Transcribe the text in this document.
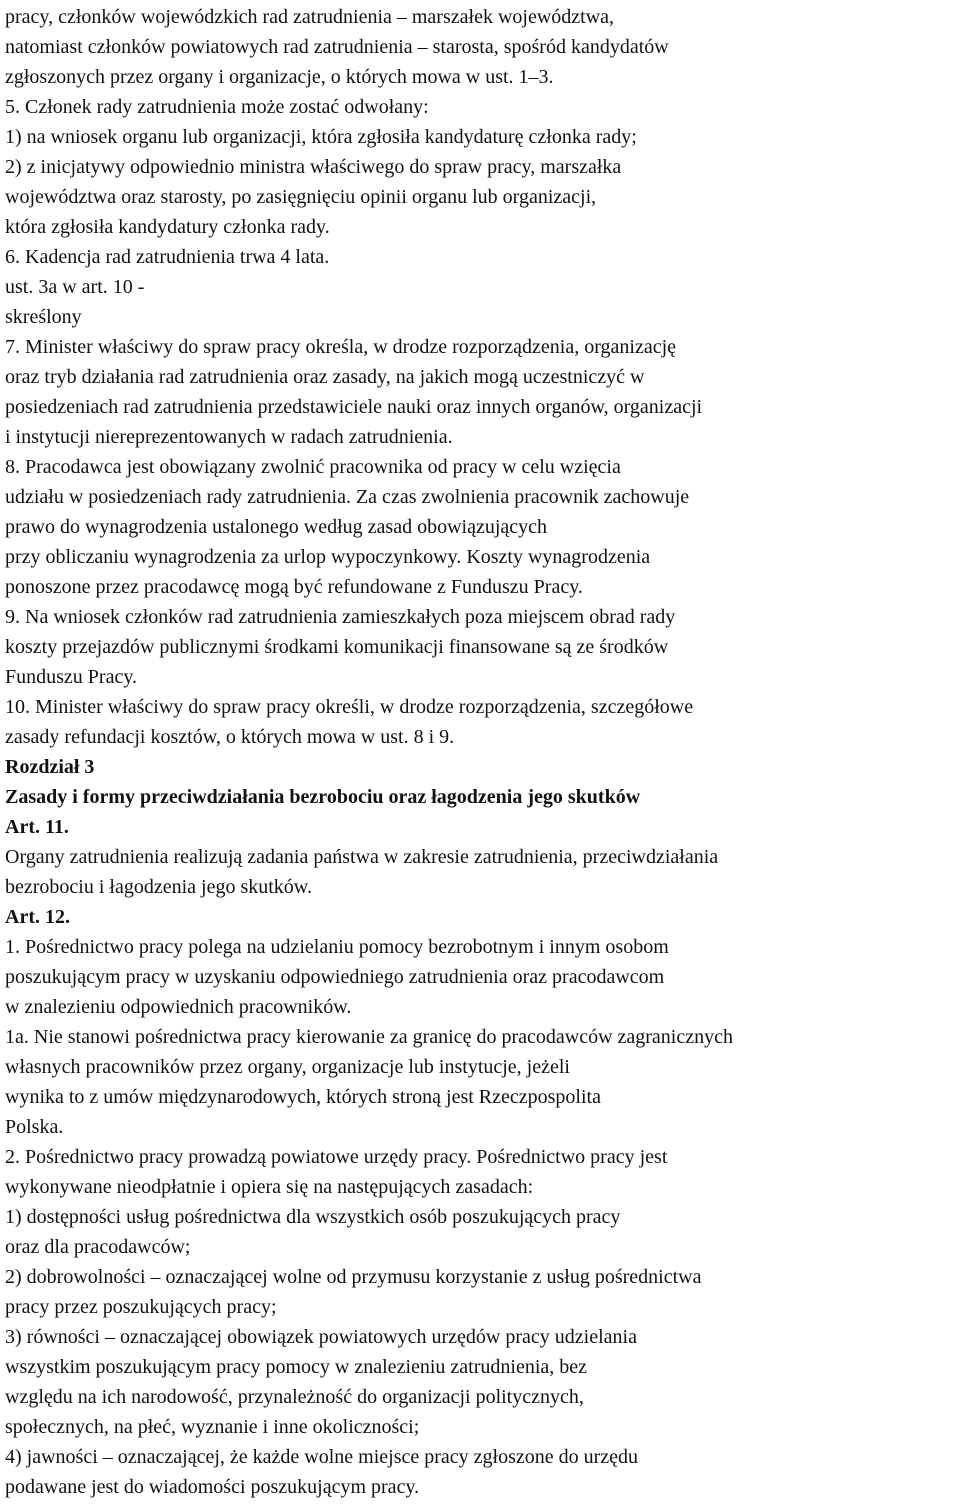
pracy, członków wojewódzkich rad zatrudnienia – marszałek województwa,
natomiast członków powiatowych rad zatrudnienia – starosta, spośród kandydatów
zgłoszonych przez organy i organizacje, o których mowa w ust. 1–3.
5. Członek rady zatrudnienia może zostać odwołany:
1) na wniosek organu lub organizacji, która zgłosiła kandydaturę członka rady;
2) z inicjatywy odpowiednio ministra właściwego do spraw pracy, marszałka
województwa oraz starosty, po zasięgnięciu opinii organu lub organizacji,
która zgłosiła kandydatury członka rady.
6. Kadencja rad zatrudnienia trwa 4 lata.
ust. 3a w art. 10 -
skreślony
7. Minister właściwy do spraw pracy określa, w drodze rozporządzenia, organizację
oraz tryb działania rad zatrudnienia oraz zasady, na jakich mogą uczestniczyć w
posiedzeniach rad zatrudnienia przedstawiciele nauki oraz innych organów, organizacji
i instytucji niereprezentowanych w radach zatrudnienia.
8. Pracodawca jest obowiązany zwolnić pracownika od pracy w celu wzięcia
udziału w posiedzeniach rady zatrudnienia. Za czas zwolnienia pracownik zachowuje
prawo do wynagrodzenia ustalonego według zasad obowiązujących
przy obliczaniu wynagrodzenia za urlop wypoczynkowy. Koszty wynagrodzenia
ponoszone przez pracodawcę mogą być refundowane z Funduszu Pracy.
9. Na wniosek członków rad zatrudnienia zamieszkałych poza miejscem obrad rady
koszty przejazdów publicznymi środkami komunikacji finansowane są ze środków
Funduszu Pracy.
10. Minister właściwy do spraw pracy określi, w drodze rozporządzenia, szczegółowe
zasady refundacji kosztów, o których mowa w ust. 8 i 9.
Rozdział 3
Zasady i formy przeciwdziałania bezrobociu oraz łagodzenia jego skutków
Art. 11.
Organy zatrudnienia realizują zadania państwa w zakresie zatrudnienia, przeciwdziałania
bezrobociu i łagodzenia jego skutków.
Art. 12.
1. Pośrednictwo pracy polega na udzielaniu pomocy bezrobotnym i innym osobom
poszukującym pracy w uzyskaniu odpowiedniego zatrudnienia oraz pracodawcom
w znalezieniu odpowiednich pracowników.
1a. Nie stanowi pośrednictwa pracy kierowanie za granicę do pracodawców zagranicznych
własnych pracowników przez organy, organizacje lub instytucje, jeżeli
wynika to z umów międzynarodowych, których stroną jest Rzeczpospolita
Polska.
2. Pośrednictwo pracy prowadzą powiatowe urzędy pracy. Pośrednictwo pracy jest
wykonywane nieodpłatnie i opiera się na następujących zasadach:
1) dostępności usług pośrednictwa dla wszystkich osób poszukujących pracy
oraz dla pracodawców;
2) dobrowolności – oznaczającej wolne od przymusu korzystanie z usług pośrednictwa
pracy przez poszukujących pracy;
3) równości – oznaczającej obowiązek powiatowych urzędów pracy udzielania
wszystkim poszukującym pracy pomocy w znalezieniu zatrudnienia, bez
względu na ich narodowość, przynależność do organizacji politycznych,
społecznych, na płeć, wyznanie i inne okoliczności;
4) jawności – oznaczającej, że każde wolne miejsce pracy zgłoszone do urzędu
podawane jest do wiadomości poszukującym pracy.
